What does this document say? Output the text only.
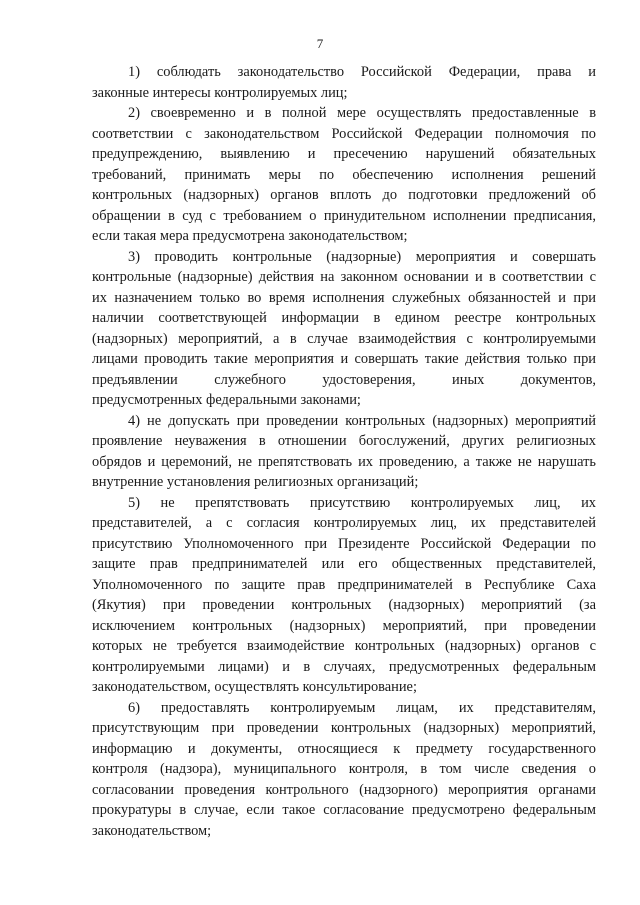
7
1) соблюдать законодательство Российской Федерации, права и
законные интересы контролируемых лиц;
2) своевременно и в полной мере осуществлять предоставленные в
соответствии с законодательством Российской Федерации полномочия по
предупреждению, выявлению и пресечению нарушений обязательных
требований, принимать меры по обеспечению исполнения решений
контрольных (надзорных) органов вплоть до подготовки предложений об
обращении в суд с требованием о принудительном исполнении предписания,
если такая мера предусмотрена законодательством;
3) проводить контрольные (надзорные) мероприятия и совершать
контрольные (надзорные) действия на законном основании и в соответствии с
их назначением только во время исполнения служебных обязанностей и при
наличии соответствующей информации в едином реестре контрольных
(надзорных) мероприятий, а в случае взаимодействия с контролируемыми
лицами проводить такие мероприятия и совершать такие действия только при
предъявлении служебного удостоверения, иных документов,
предусмотренных федеральными законами;
4) не допускать при проведении контрольных (надзорных) мероприятий
проявление неуважения в отношении богослужений, других религиозных
обрядов и церемоний, не препятствовать их проведению, а также не нарушать
внутренние установления религиозных организаций;
5) не препятствовать присутствию контролируемых лиц, их
представителей, а с согласия контролируемых лиц, их представителей
присутствию Уполномоченного при Президенте Российской Федерации по
защите прав предпринимателей или его общественных представителей,
Уполномоченного по защите прав предпринимателей в Республике Саха
(Якутия) при проведении контрольных (надзорных) мероприятий (за
исключением контрольных (надзорных) мероприятий, при проведении
которых не требуется взаимодействие контрольных (надзорных) органов с
контролируемыми лицами) и в случаях, предусмотренных федеральным
законодательством, осуществлять консультирование;
6) предоставлять контролируемым лицам, их представителям,
присутствующим при проведении контрольных (надзорных) мероприятий,
информацию и документы, относящиеся к предмету государственного
контроля (надзора), муниципального контроля, в том числе сведения о
согласовании проведения контрольного (надзорного) мероприятия органами
прокуратуры в случае, если такое согласование предусмотрено федеральным
законодательством;
